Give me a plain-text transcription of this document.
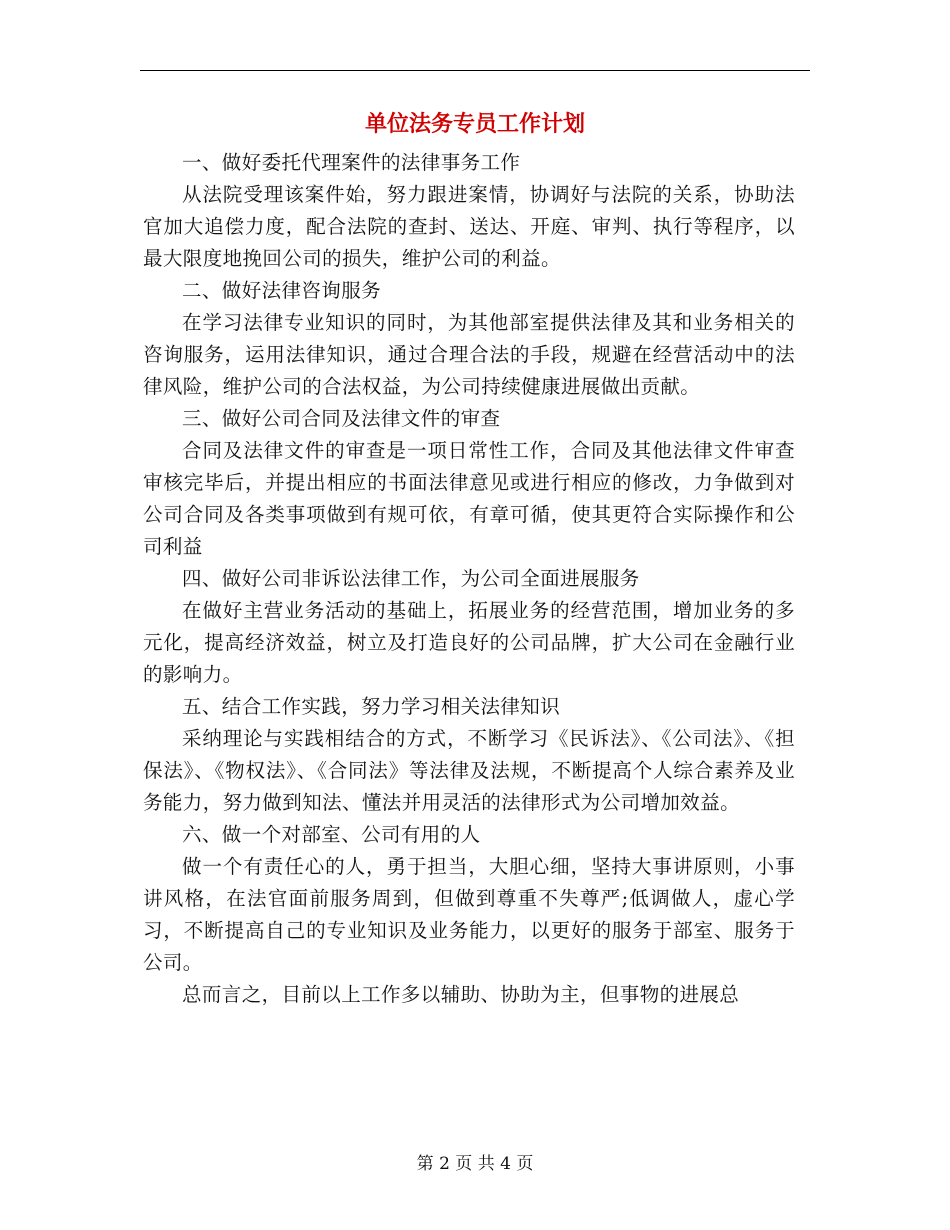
单位法务专员工作计划

一、做好委托代理案件的法律事务工作

从法院受理该案件始，努力跟进案情，协调好与法院的关系，协助法官加大追偿力度，配合法院的查封、送达、开庭、审判、执行等程序，以最大限度地挽回公司的损失，维护公司的利益。

二、做好法律咨询服务

在学习法律专业知识的同时，为其他部室提供法律及其和业务相关的咨询服务，运用法律知识，通过合理合法的手段，规避在经营活动中的法律风险，维护公司的合法权益，为公司持续健康进展做出贡献。

三、做好公司合同及法律文件的审查

合同及法律文件的审查是一项日常性工作，合同及其他法律文件审查审核完毕后，并提出相应的书面法律意见或进行相应的修改，力争做到对公司合同及各类事项做到有规可依，有章可循，使其更符合实际操作和公司利益

四、做好公司非诉讼法律工作，为公司全面进展服务

在做好主营业务活动的基础上，拓展业务的经营范围，增加业务的多元化，提高经济效益，树立及打造良好的公司品牌，扩大公司在金融行业的影响力。

五、结合工作实践，努力学习相关法律知识

采纳理论与实践相结合的方式，不断学习《民诉法》、《公司法》、《担保法》、《物权法》、《合同法》等法律及法规，不断提高个人综合素养及业务能力，努力做到知法、懂法并用灵活的法律形式为公司增加效益。

六、做一个对部室、公司有用的人

做一个有责任心的人，勇于担当，大胆心细，坚持大事讲原则，小事讲风格，在法官面前服务周到，但做到尊重不失尊严;低调做人，虚心学习，不断提高自己的专业知识及业务能力，以更好的服务于部室、服务于公司。

总而言之，目前以上工作多以辅助、协助为主，但事物的进展总

第 2 页 共 4 页
